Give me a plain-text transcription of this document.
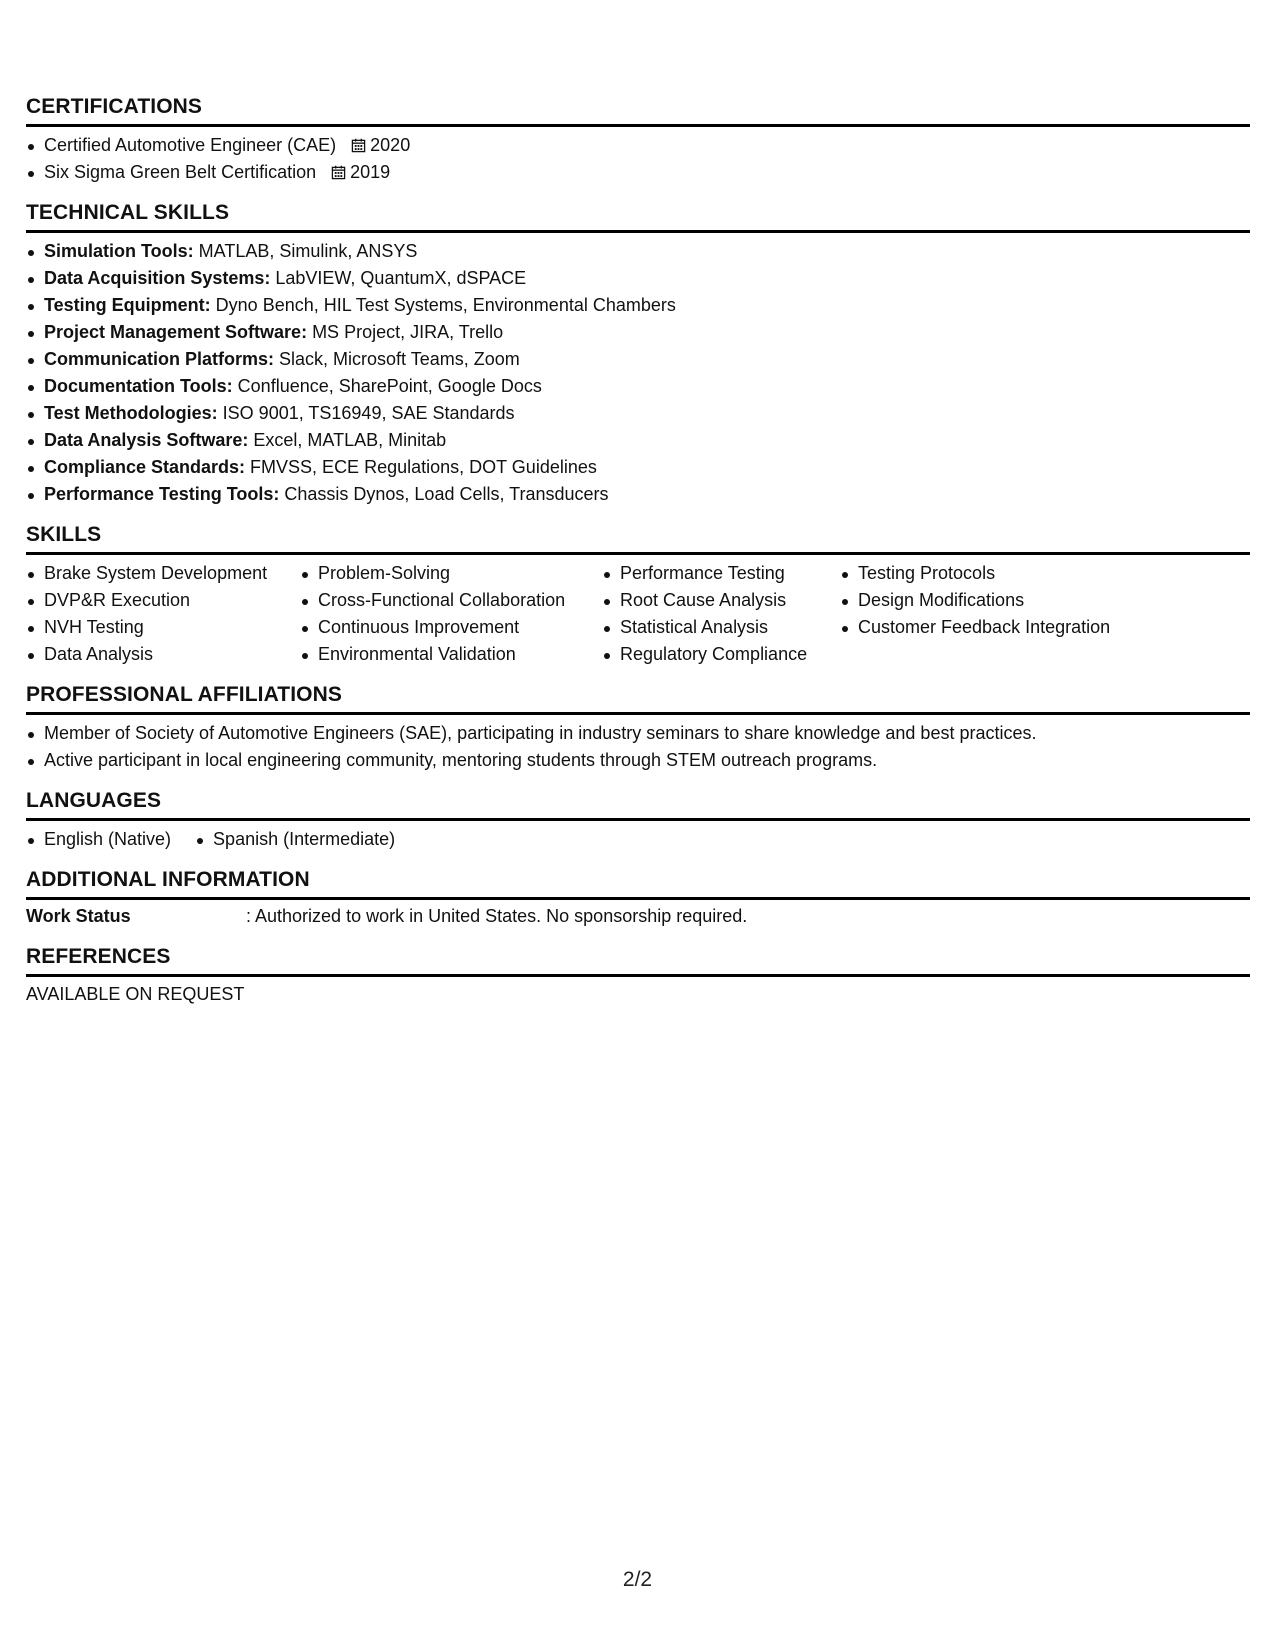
CERTIFICATIONS
Certified Automotive Engineer (CAE) 2020
Six Sigma Green Belt Certification 2019
TECHNICAL SKILLS
Simulation Tools: MATLAB, Simulink, ANSYS
Data Acquisition Systems: LabVIEW, QuantumX, dSPACE
Testing Equipment: Dyno Bench, HIL Test Systems, Environmental Chambers
Project Management Software: MS Project, JIRA, Trello
Communication Platforms: Slack, Microsoft Teams, Zoom
Documentation Tools: Confluence, SharePoint, Google Docs
Test Methodologies: ISO 9001, TS16949, SAE Standards
Data Analysis Software: Excel, MATLAB, Minitab
Compliance Standards: FMVSS, ECE Regulations, DOT Guidelines
Performance Testing Tools: Chassis Dynos, Load Cells, Transducers
SKILLS
Brake System Development
DVP&R Execution
NVH Testing
Data Analysis
Problem-Solving
Cross-Functional Collaboration
Continuous Improvement
Environmental Validation
Performance Testing
Root Cause Analysis
Statistical Analysis
Regulatory Compliance
Testing Protocols
Design Modifications
Customer Feedback Integration
PROFESSIONAL AFFILIATIONS
Member of Society of Automotive Engineers (SAE), participating in industry seminars to share knowledge and best practices.
Active participant in local engineering community, mentoring students through STEM outreach programs.
LANGUAGES
English (Native)	Spanish (Intermediate)
ADDITIONAL INFORMATION
Work Status	: Authorized to work in United States. No sponsorship required.
REFERENCES
AVAILABLE ON REQUEST
2/2
